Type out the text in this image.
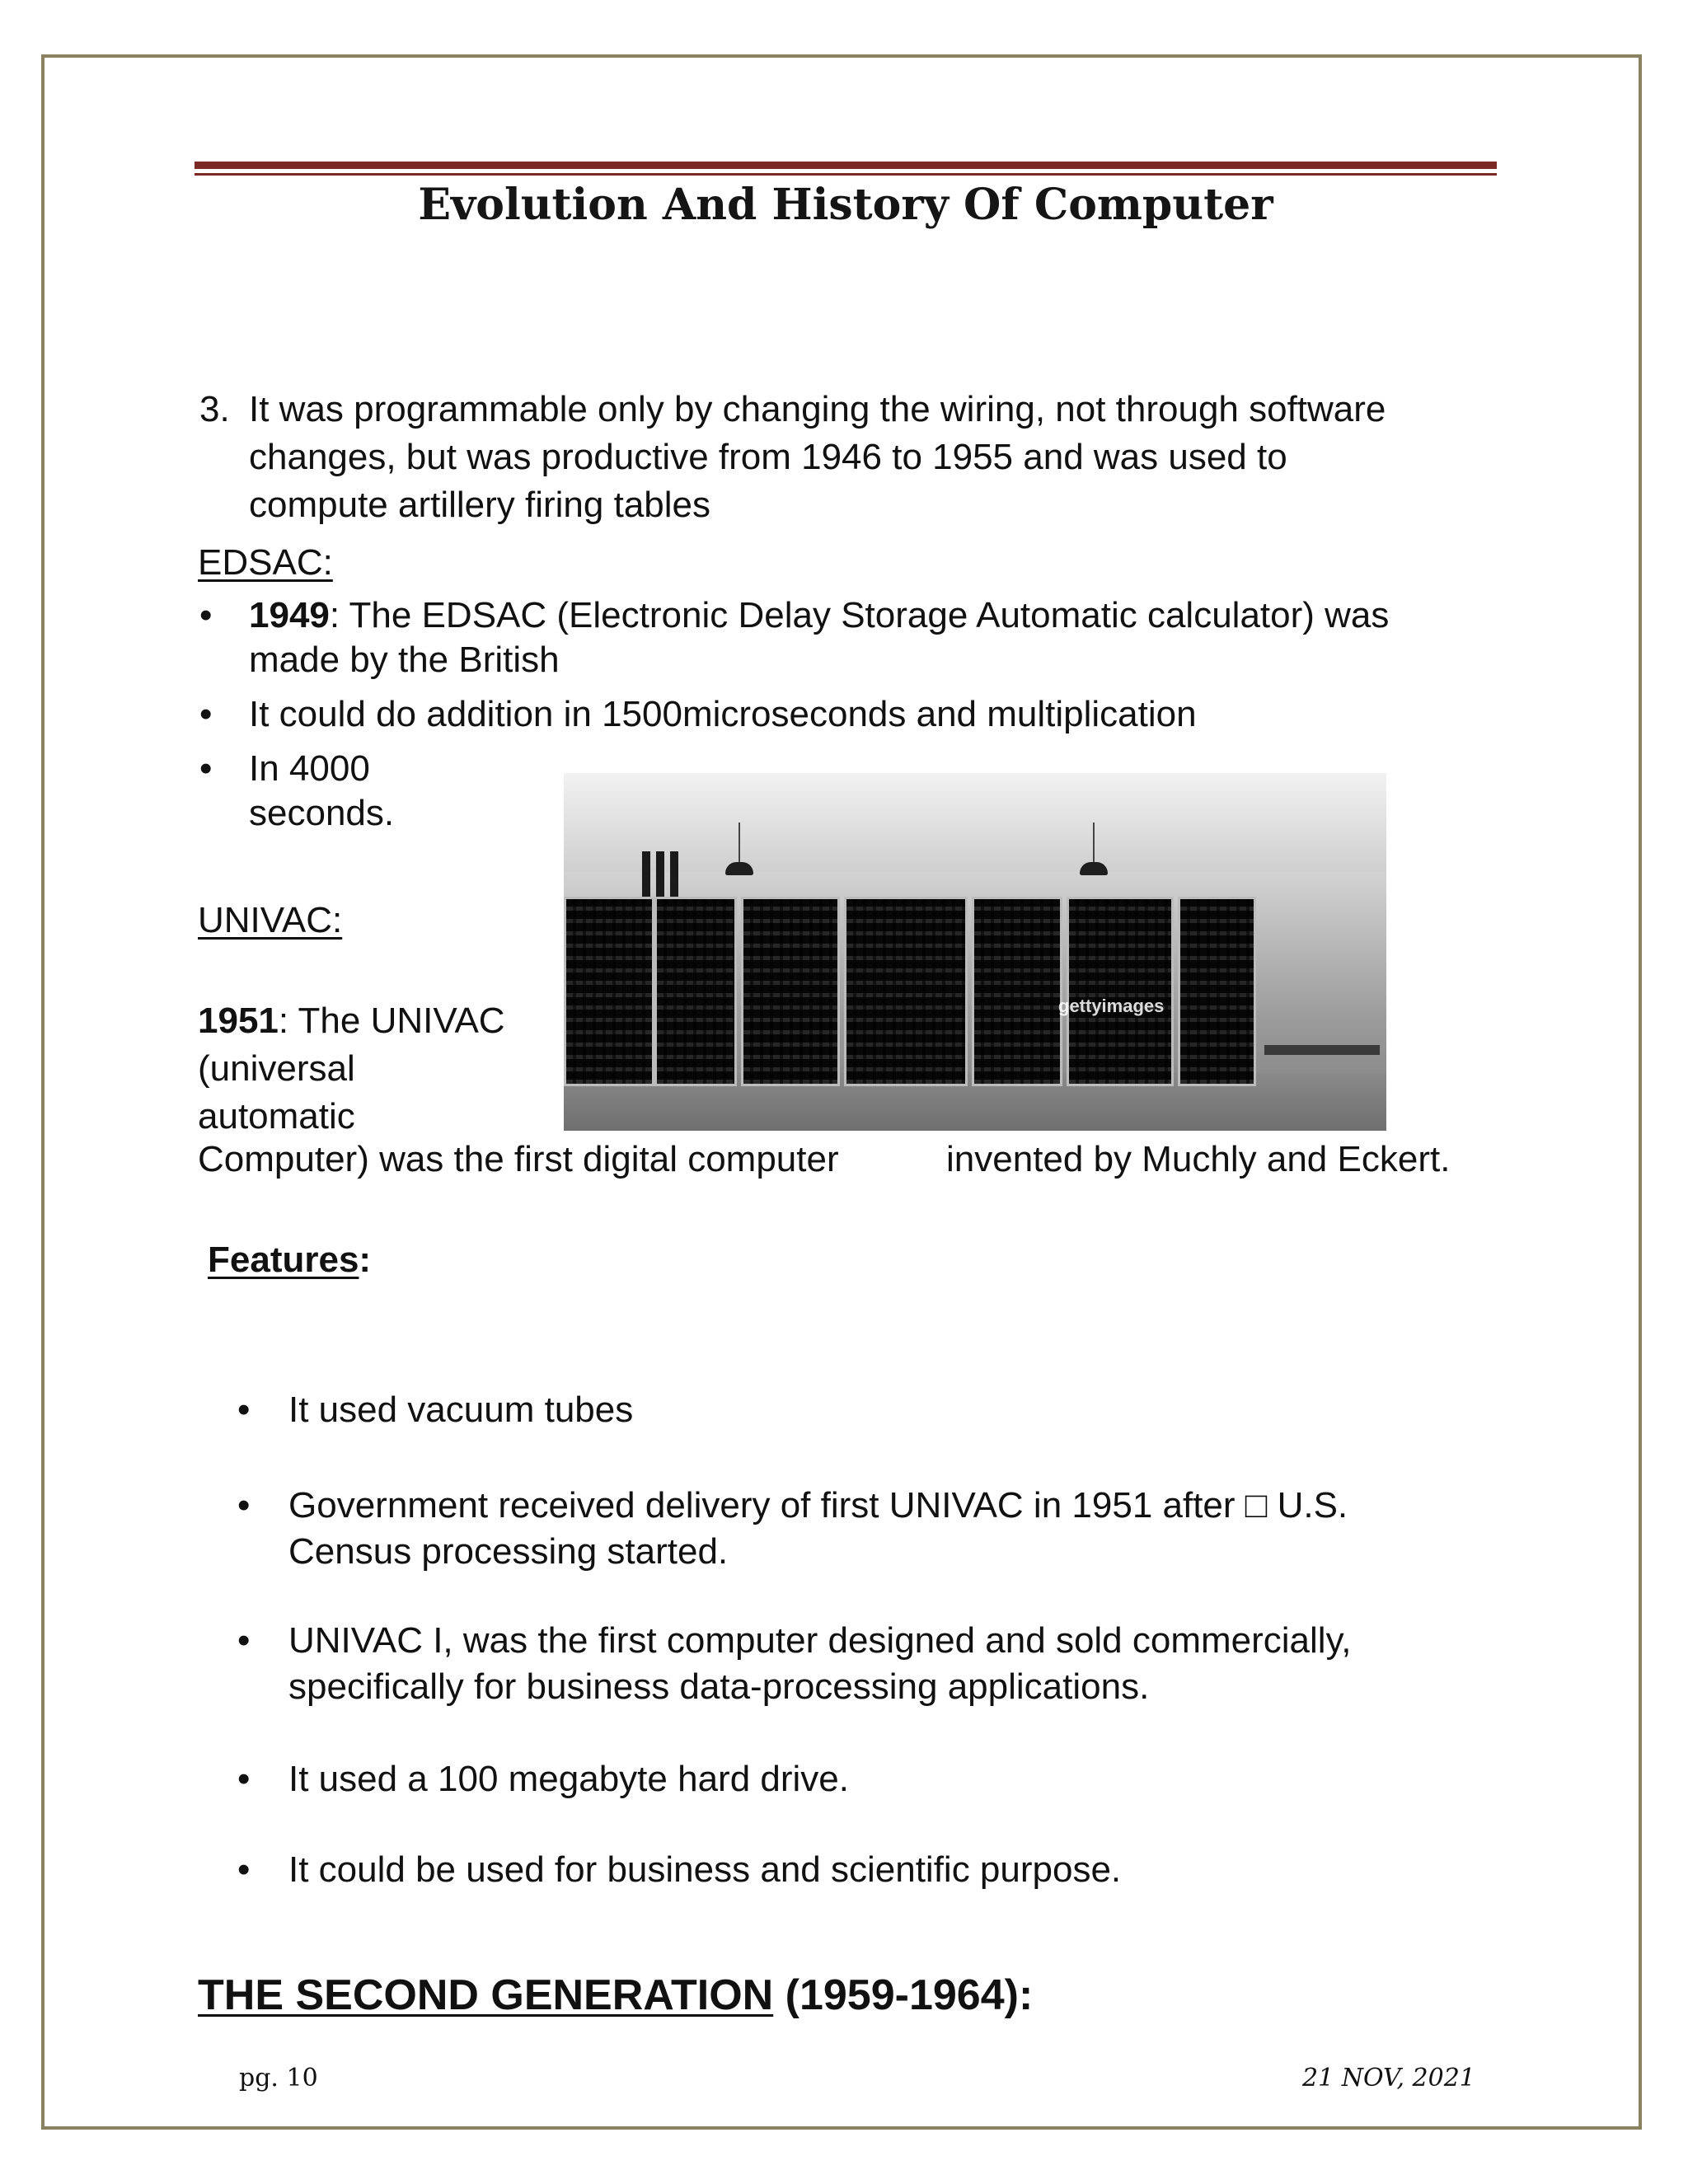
Evolution And History Of Computer
3. It was programmable only by changing the wiring, not through software
changes, but was productive from 1946 to 1955 and was used to
compute artillery firing tables
EDSAC:
• 1949: The EDSAC (Electronic Delay Storage Automatic calculator) was
made by the British
• It could do addition in 1500microseconds and multiplication
• In 4000
seconds.
gettyimages
UNIVAC:
1951: The UNIVAC
(universal
automatic
Computer) was the first digital computer	invented by Muchly and Eckert.
Features:
• It used vacuum tubes
• Government received delivery of first UNIVAC in 1951 after □ U.S.
Census processing started.
• UNIVAC I, was the first computer designed and sold commercially,
specifically for business data-processing applications.
• It used a 100 megabyte hard drive.
• It could be used for business and scientific purpose.
THE SECOND GENERATION (1959-1964):
pg. 10	21 NOV, 2021
